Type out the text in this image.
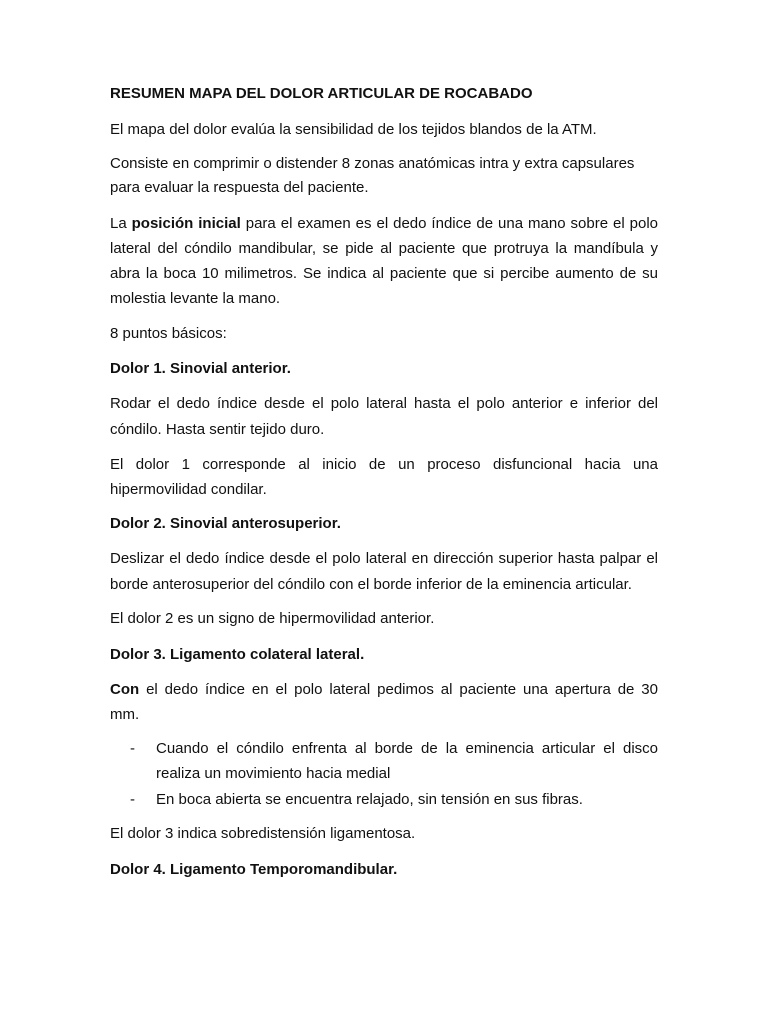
RESUMEN MAPA DEL DOLOR ARTICULAR DE ROCABADO
El mapa del dolor evalúa la sensibilidad de los tejidos blandos de la ATM.
Consiste en comprimir o distender 8 zonas anatómicas intra y extra capsulares
para evaluar la respuesta del paciente.
La posición inicial para el examen es el dedo índice de una mano sobre el polo
lateral del cóndilo mandibular, se pide al paciente que protruya la mandíbula y
abra la boca 10 milimetros. Se indica al paciente que si percibe aumento de su
molestia levante la mano.
8 puntos básicos:
Dolor 1. Sinovial anterior.
Rodar el dedo índice desde el polo lateral hasta el polo anterior e inferior del
cóndilo. Hasta sentir tejido duro.
El dolor 1 corresponde al inicio de un proceso disfuncional hacia una
hipermovilidad condilar.
Dolor 2. Sinovial anterosuperior.
Deslizar el dedo índice desde el polo lateral en dirección superior hasta palpar el
borde anterosuperior del cóndilo con el borde inferior de la eminencia articular.
El dolor 2 es un signo de hipermovilidad anterior.
Dolor 3. Ligamento colateral lateral.
Con el dedo índice en el polo lateral pedimos al paciente una apertura de 30
mm.
- Cuando el cóndilo enfrenta al borde de la eminencia articular el disco
realiza un movimiento hacia medial
- En boca abierta se encuentra relajado, sin tensión en sus fibras.
El dolor 3 indica sobredistensión ligamentosa.
Dolor 4. Ligamento Temporomandibular.
